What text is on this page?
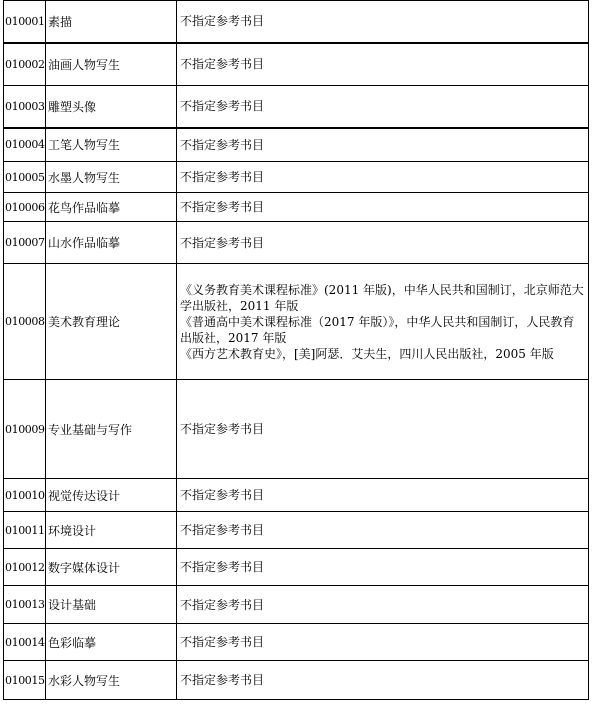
010001	素描	不指定参考书目
010002	油画人物写生	不指定参考书目
010003	雕塑头像	不指定参考书目
010004	工笔人物写生	不指定参考书目
010005	水墨人物写生	不指定参考书目
010006	花鸟作品临摹	不指定参考书目
010007	山水作品临摹	不指定参考书目
010008	美术教育理论	《义务教育美术课程标准》(2011 年版)，中华人民共和国制订，北京师范大学出版社，2011 年版
《普通高中美术课程标准（2017 年版）》，中华人民共和国制订，人民教育出版社，2017 年版
《西方艺术教育史》，[美]阿瑟．艾夫生，四川人民出版社，2005 年版

010009	专业基础与写作	不指定参考书目
010010	视觉传达设计	不指定参考书目
010011	环境设计	不指定参考书目
010012	数字媒体设计	不指定参考书目
010013	设计基础	不指定参考书目
010014	色彩临摹	不指定参考书目
010015	水彩人物写生	不指定参考书目
